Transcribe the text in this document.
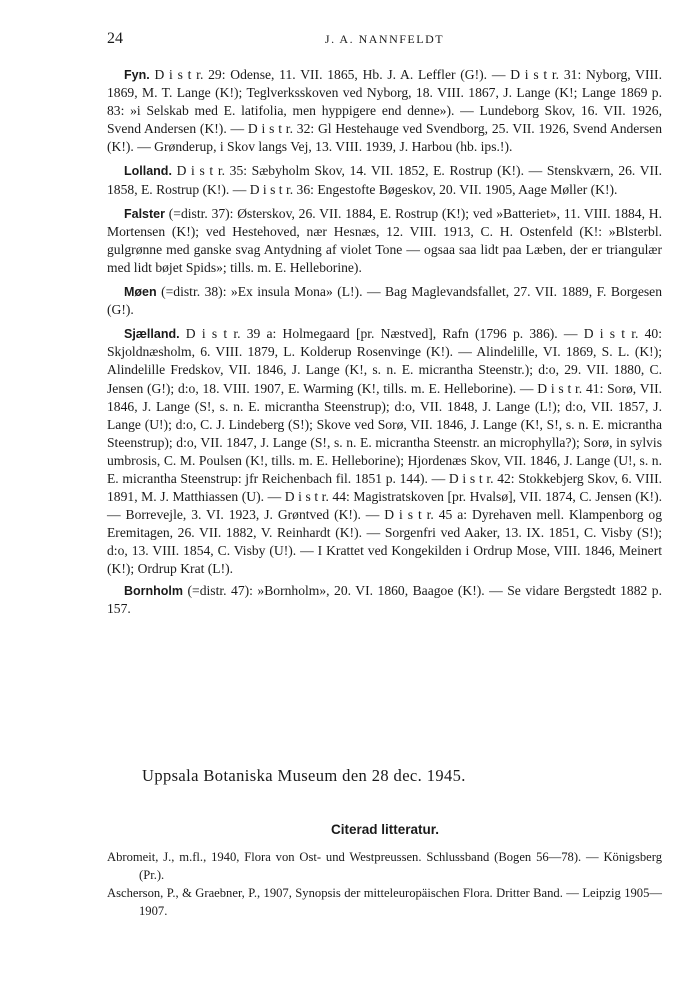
24	J. A. NANNFELDT

Fyn. D i s t r. 29: Odense, 11. VII. 1865, Hb. J. A. Leffler (G!). — D i s t r. 31: Nyborg, VIII. 1869, M. T. Lange (K!); Teglverksskoven ved Nyborg, 18. VIII. 1867, J. Lange (K!; Lange 1869 p. 83: »i Selskab med E. latifolia, men hyppigere end denne»). — Lundeborg Skov, 16. VII. 1926, Svend Andersen (K!). — D i s t r. 32: Gl Hestehauge ved Svendborg, 25. VII. 1926, Svend Andersen (K!). — Grønderup, i Skov langs Vej, 13. VIII. 1939, J. Harbou (hb. ips.!).

Lolland. D i s t r. 35: Sæbyholm Skov, 14. VII. 1852, E. Rostrup (K!). — Stenskværn, 26. VII. 1858, E. Rostrup (K!). — D i s t r. 36: Engestofte Bøgeskov, 20. VII. 1905, Aage Møller (K!).

Falster (=distr. 37): Østerskov, 26. VII. 1884, E. Rostrup (K!); ved »Batteriet», 11. VIII. 1884, H. Mortensen (K!); ved Hestehoved, nær Hesnæs, 12. VIII. 1913, C. H. Ostenfeld (K!: »Blsterbl. gulgrønne med ganske svag Antydning af violet Tone — ogsaa saa lidt paa Læben, der er triangulær med lidt bøjet Spids»; tills. m. E. Helleborine).

Møen (=distr. 38): »Ex insula Mona» (L!). — Bag Maglevandsfallet, 27. VII. 1889, F. Borgesen (G!).

Sjælland. D i s t r. 39 a: Holmegaard [pr. Næstved], Rafn (1796 p. 386). — D i s t r. 40: Skjoldnæsholm, 6. VIII. 1879, L. Kolderup Rosenvinge (K!). — Alindelille, VI. 1869, S. L. (K!); Alindelille Fredskov, VII. 1846, J. Lange (K!, s. n. E. micrantha Steenstr.); d:o, 29. VII. 1880, C. Jensen (G!); d:o, 18. VIII. 1907, E. Warming (K!, tills. m. E. Helleborine). — D i s t r. 41: Sorø, VII. 1846, J. Lange (S!, s. n. E. micrantha Steenstrup); d:o, VII. 1848, J. Lange (L!); d:o, VII. 1857, J. Lange (U!); d:o, C. J. Lindeberg (S!); Skove ved Sorø, VII. 1846, J. Lange (K!, S!, s. n. E. micrantha Steenstrup); d:o, VII. 1847, J. Lange (S!, s. n. E. micrantha Steenstr. an microphylla?); Sorø, in sylvis umbrosis, C. M. Poulsen (K!, tills. m. E. Helleborine); Hjordenæs Skov, VII. 1846, J. Lange (U!, s. n. E. micrantha Steenstrup: jfr Reichenbach fil. 1851 p. 144). — D i s t r. 42: Stokkebjerg Skov, 6. VIII. 1891, M. J. Matthiassen (U). — D i s t r. 44: Magistratskoven [pr. Hvalsø], VII. 1874, C. Jensen (K!). — Borrevejle, 3. VI. 1923, J. Grøntved (K!). — D i s t r. 45 a: Dyrehaven mell. Klampenborg og Eremitagen, 26. VII. 1882, V. Reinhardt (K!). — Sorgenfri ved Aaker, 13. IX. 1851, C. Visby (S!); d:o, 13. VIII. 1854, C. Visby (U!). — I Krattet ved Kongekilden i Ordrup Mose, VIII. 1846, Meinert (K!); Ordrup Krat (L!).

Bornholm (=distr. 47): »Bornholm», 20. VI. 1860, Baagoe (K!). — Se vidare Bergstedt 1882 p. 157.

Uppsala Botaniska Museum den 28 dec. 1945.
Citerad litteratur.

Abromeit, J., m.fl., 1940, Flora von Ost- und Westpreussen. Schlussband (Bogen 56—78). — Königsberg (Pr.).

Ascherson, P., & Graebner, P., 1907, Synopsis der mitteleuropäischen Flora. Dritter Band. — Leipzig 1905—1907.
